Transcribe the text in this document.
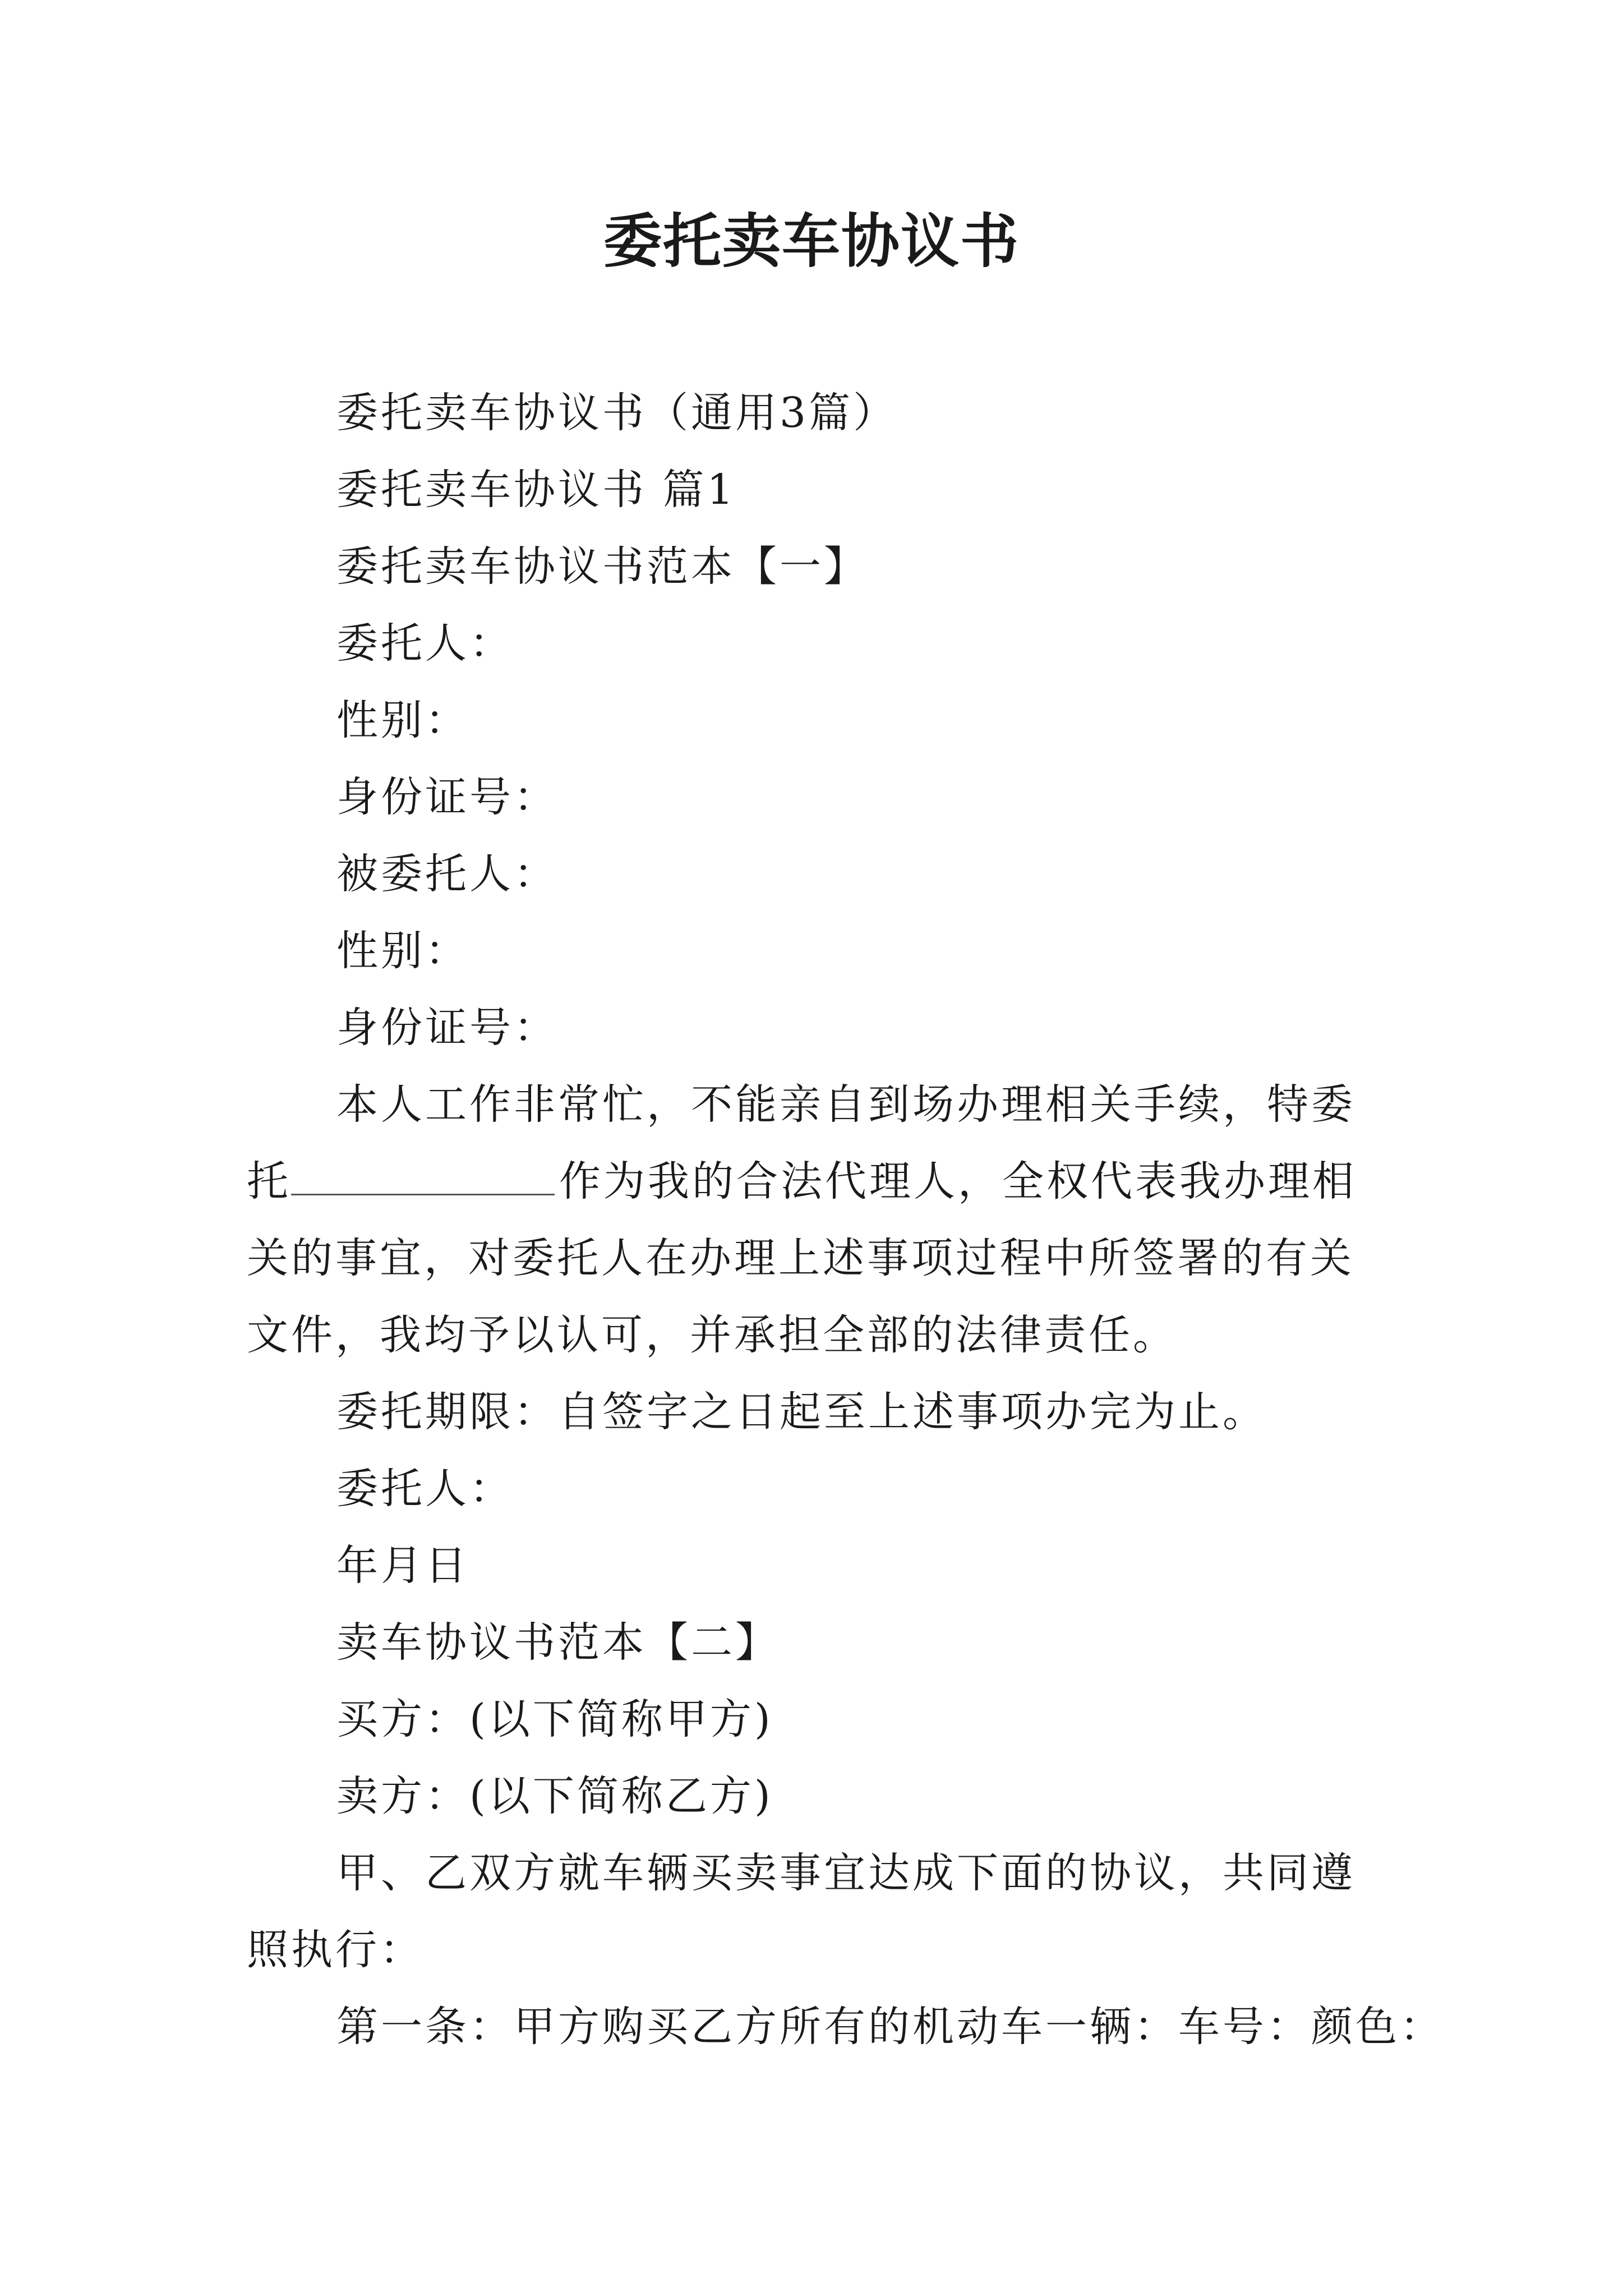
委托卖车协议书

委托卖车协议书（通用3篇）

委托卖车协议书 篇1

委托卖车协议书范本【一】

委托人：

性别：

身份证号：

被委托人：

性别：

身份证号：

本人工作非常忙，不能亲自到场办理相关手续，特委托	作为我的合法代理人，全权代表我办理相关的事宜，对委托人在办理上述事项过程中所签署的有关文件，我均予以认可，并承担全部的法律责任。

委托期限：自签字之日起至上述事项办完为止。

委托人：

年月日

卖车协议书范本【二】

买方：(以下简称甲方)

卖方：(以下简称乙方)

甲、乙双方就车辆买卖事宜达成下面的协议，共同遵照执行：

第一条：甲方购买乙方所有的机动车一辆：车号：颜色：
